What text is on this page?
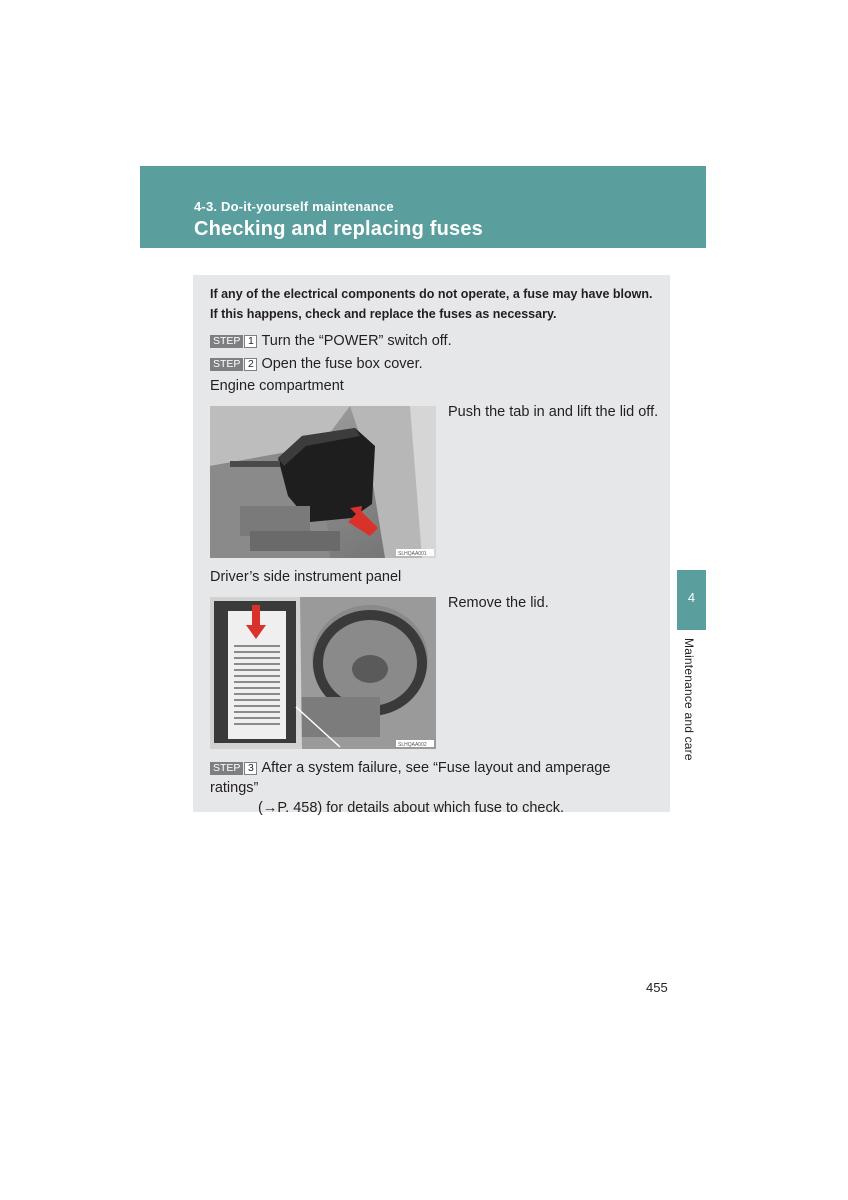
4-3. Do-it-yourself maintenance
Checking and replacing fuses
If any of the electrical components do not operate, a fuse may have blown. If this happens, check and replace the fuses as necessary.
STEP 1 Turn the “POWER” switch off.
STEP 2 Open the fuse box cover.
Engine compartment
SLHQAA001
Push the tab in and lift the lid off.
Driver’s side instrument panel
SLHQAA002
Remove the lid.
STEP 3 After a system failure, see “Fuse layout and amperage ratings”
(→P. 458) for details about which fuse to check.
4
Maintenance and care
455
